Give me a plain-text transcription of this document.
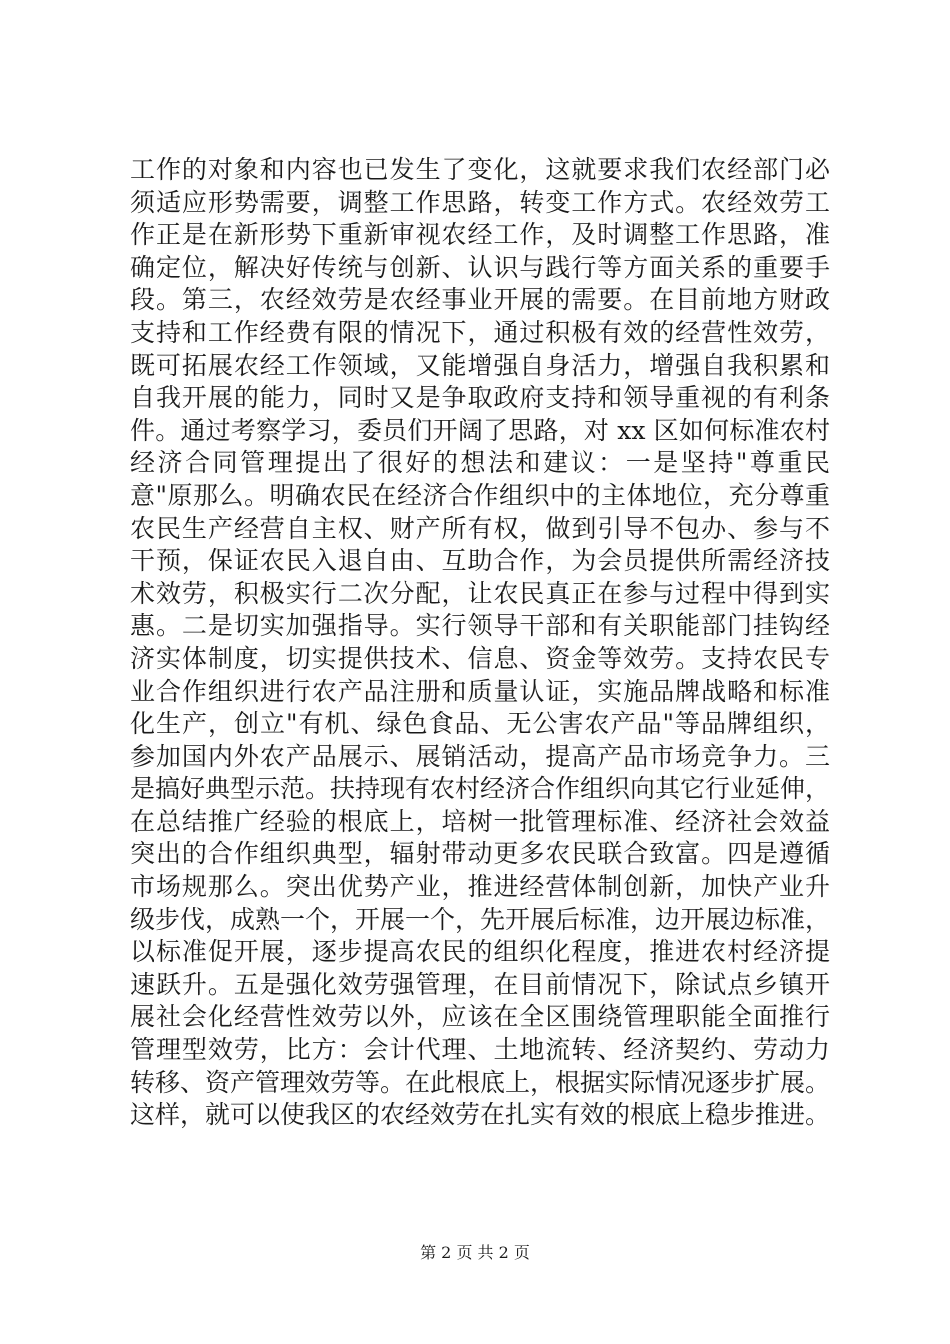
工作的对象和内容也已发生了变化，这就要求我们农经部门必
须适应形势需要，调整工作思路，转变工作方式。农经效劳工
作正是在新形势下重新审视农经工作，及时调整工作思路，准
确定位，解决好传统与创新、认识与践行等方面关系的重要手
段。第三，农经效劳是农经事业开展的需要。在目前地方财政
支持和工作经费有限的情况下，通过积极有效的经营性效劳，
既可拓展农经工作领域，又能增强自身活力，增强自我积累和
自我开展的能力，同时又是争取政府支持和领导重视的有利条
件。通过考察学习，委员们开阔了思路，对 xx 区如何标准农村
经济合同管理提出了很好的想法和建议：一是坚持"尊重民
意"原那么。明确农民在经济合作组织中的主体地位，充分尊重
农民生产经营自主权、财产所有权，做到引导不包办、参与不
干预，保证农民入退自由、互助合作，为会员提供所需经济技
术效劳，积极实行二次分配，让农民真正在参与过程中得到实
惠。二是切实加强指导。实行领导干部和有关职能部门挂钩经
济实体制度，切实提供技术、信息、资金等效劳。支持农民专
业合作组织进行农产品注册和质量认证，实施品牌战略和标准
化生产，创立"有机、绿色食品、无公害农产品"等品牌组织，
参加国内外农产品展示、展销活动，提高产品市场竞争力。三
是搞好典型示范。扶持现有农村经济合作组织向其它行业延伸，
在总结推广经验的根底上，培树一批管理标准、经济社会效益
突出的合作组织典型，辐射带动更多农民联合致富。四是遵循
市场规那么。突出优势产业，推进经营体制创新，加快产业升
级步伐，成熟一个，开展一个，先开展后标准，边开展边标准，
以标准促开展，逐步提高农民的组织化程度，推进农村经济提
速跃升。五是强化效劳强管理，在目前情况下，除试点乡镇开
展社会化经营性效劳以外，应该在全区围绕管理职能全面推行
管理型效劳，比方：会计代理、土地流转、经济契约、劳动力
转移、资产管理效劳等。在此根底上，根据实际情况逐步扩展。
这样，就可以使我区的农经效劳在扎实有效的根底上稳步推进。
第 2 页 共 2 页
